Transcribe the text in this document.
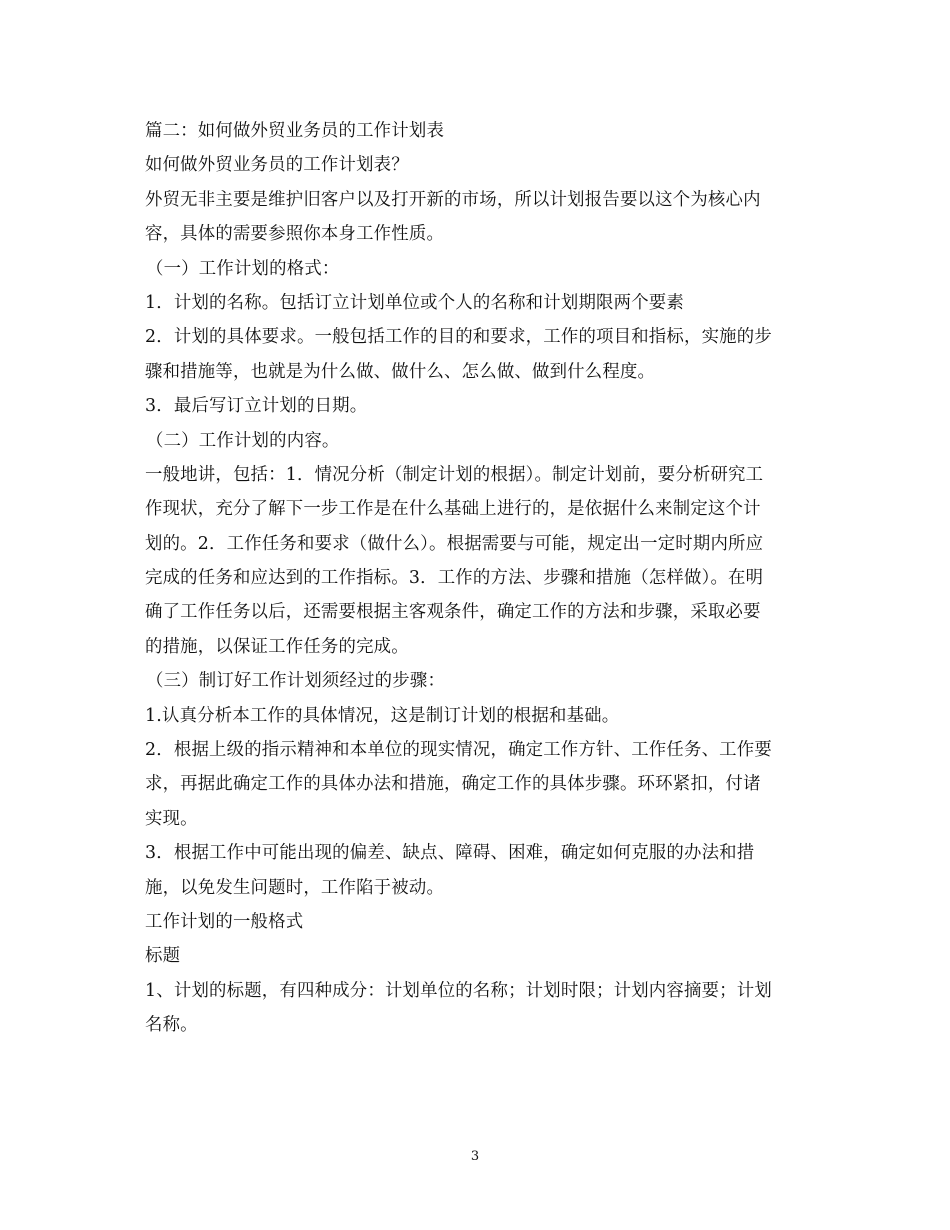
篇二：如何做外贸业务员的工作计划表
如何做外贸业务员的工作计划表？
外贸无非主要是维护旧客户以及打开新的市场，所以计划报告要以这个为核心内
容，具体的需要参照你本身工作性质。
（一）工作计划的格式：
1．计划的名称。包括订立计划单位或个人的名称和计划期限两个要素
2．计划的具体要求。一般包括工作的目的和要求，工作的项目和指标，实施的步
骤和措施等，也就是为什么做、做什么、怎么做、做到什么程度。
3．最后写订立计划的日期。
（二）工作计划的内容。
一般地讲，包括：1．情况分析（制定计划的根据）。制定计划前，要分析研究工
作现状，充分了解下一步工作是在什么基础上进行的，是依据什么来制定这个计
划的。2．工作任务和要求（做什么）。根据需要与可能，规定出一定时期内所应
完成的任务和应达到的工作指标。3．工作的方法、步骤和措施（怎样做）。在明
确了工作任务以后，还需要根据主客观条件，确定工作的方法和步骤，采取必要
的措施，以保证工作任务的完成。
（三）制订好工作计划须经过的步骤：
1.认真分析本工作的具体情况，这是制订计划的根据和基础。
2．根据上级的指示精神和本单位的现实情况，确定工作方针、工作任务、工作要
求，再据此确定工作的具体办法和措施，确定工作的具体步骤。环环紧扣，付诸
实现。
3．根据工作中可能出现的偏差、缺点、障碍、困难，确定如何克服的办法和措
施，以免发生问题时，工作陷于被动。
工作计划的一般格式
标题
1、计划的标题，有四种成分：计划单位的名称；计划时限；计划内容摘要；计划
名称。
3
